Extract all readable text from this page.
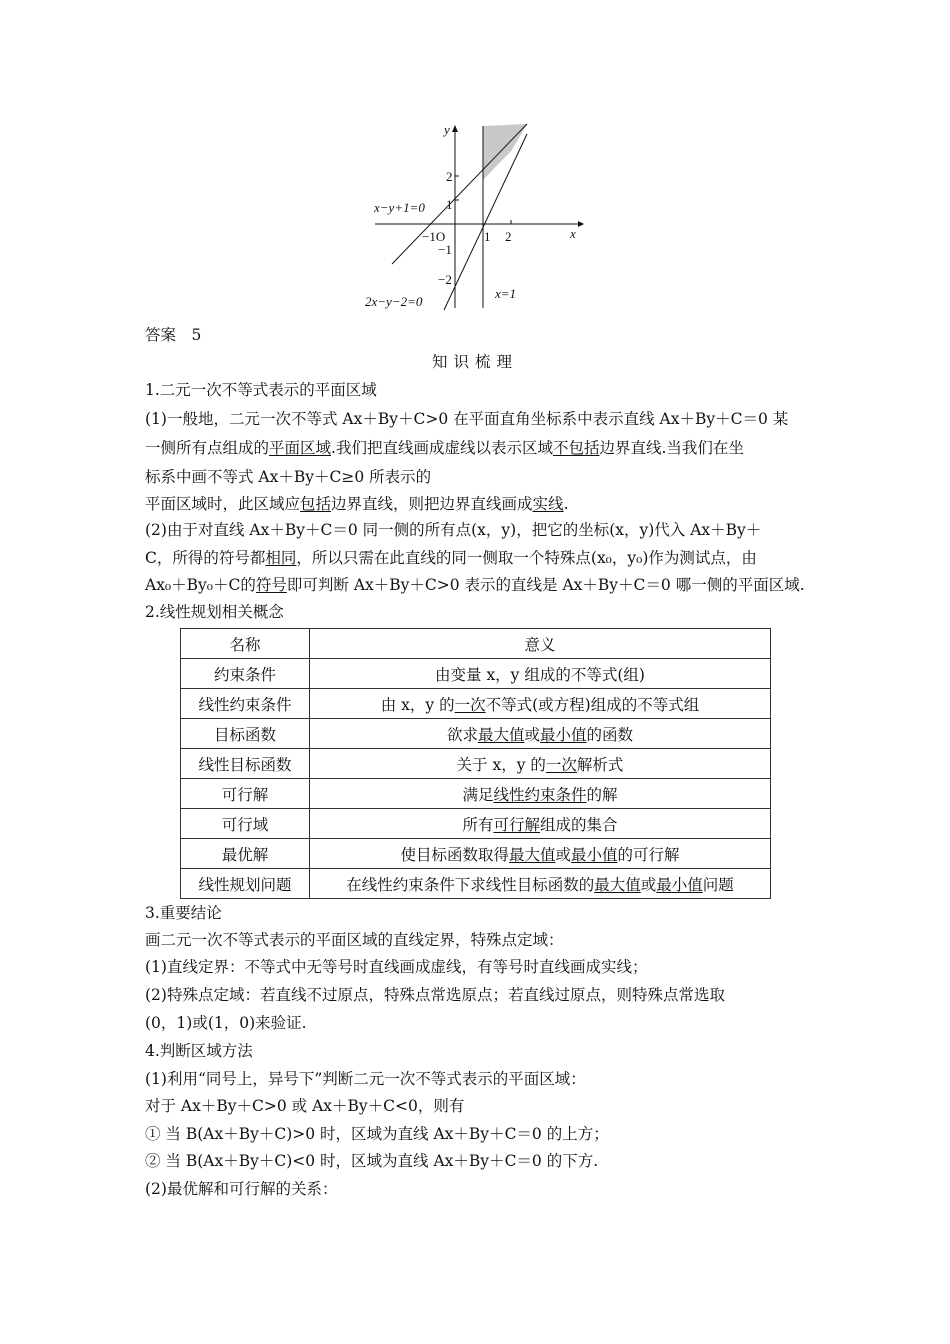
y
x
2
1
−1
−2
1 2
−1O
x−y+1=0
2x−y−2=0
x=1
答案　5
知识梳理
1.二元一次不等式表示的平面区域
(1)一般地，二元一次不等式 Ax＋By＋C>0 在平面直角坐标系中表示直线 Ax＋By＋C＝0 某
一侧所有点组成的平面区域.我们把直线画成虚线以表示区域不包括边界直线.当我们在坐
标系中画不等式 Ax＋By＋C≥0 所表示的
平面区域时，此区域应包括边界直线，则把边界直线画成实线.
(2)由于对直线 Ax＋By＋C＝0 同一侧的所有点(x，y)，把它的坐标(x，y)代入 Ax＋By＋
C，所得的符号都相同，所以只需在此直线的同一侧取一个特殊点(x₀，y₀)作为测试点，由
Ax₀＋By₀＋C的符号即可判断 Ax＋By＋C>0 表示的直线是 Ax＋By＋C＝0 哪一侧的平面区域.
2.线性规划相关概念
名称	意义
约束条件	由变量 x，y 组成的不等式(组)
线性约束条件	由 x，y 的一次不等式(或方程)组成的不等式组
目标函数	欲求最大值或最小值的函数
线性目标函数	关于 x，y 的一次解析式
可行解	满足线性约束条件的解
可行域	所有可行解组成的集合
最优解	使目标函数取得最大值或最小值的可行解
线性规划问题	在线性约束条件下求线性目标函数的最大值或最小值问题
3.重要结论
画二元一次不等式表示的平面区域的直线定界，特殊点定域：
(1)直线定界：不等式中无等号时直线画成虚线，有等号时直线画成实线；
(2)特殊点定域：若直线不过原点，特殊点常选原点；若直线过原点，则特殊点常选取
(0，1)或(1，0)来验证.
4.判断区域方法
(1)利用“同号上，异号下”判断二元一次不等式表示的平面区域：
对于 Ax＋By＋C>0 或 Ax＋By＋C<0，则有
① 当 B(Ax＋By＋C)>0 时，区域为直线 Ax＋By＋C＝0 的上方；
② 当 B(Ax＋By＋C)<0 时，区域为直线 Ax＋By＋C＝0 的下方.
(2)最优解和可行解的关系：
